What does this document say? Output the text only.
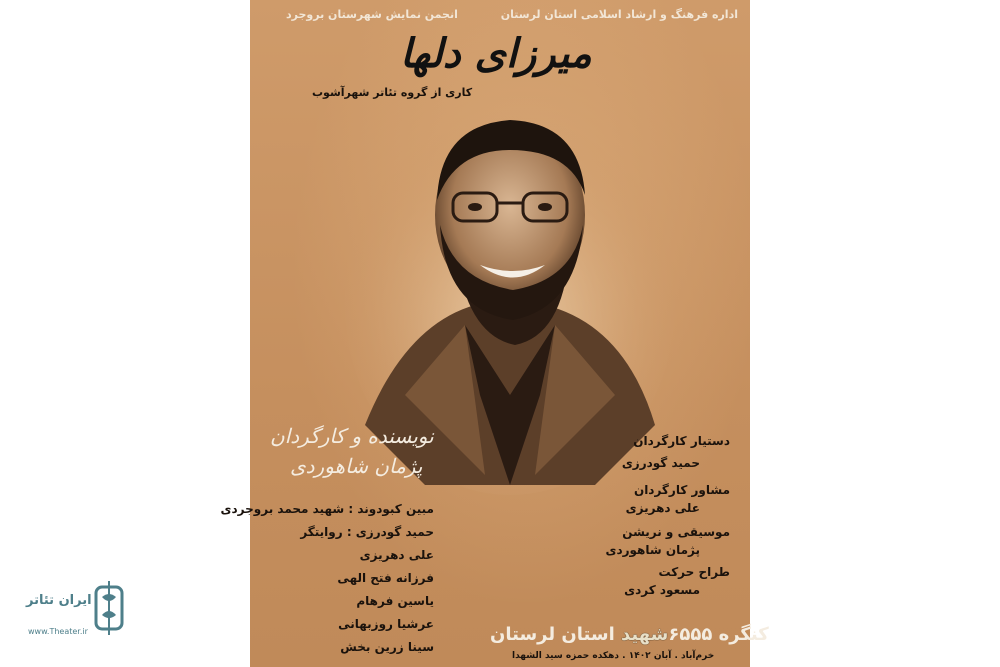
اداره فرهنگ و ارشاد اسلامی استان لرستان
انجمن نمایش شهرستان بروجرد
میرزای دلها
کاری از گروه تئاتر شهرآشوب
نویسنده و کارگردان
پژمان شاهوردی
مبین کبودوند : شهید محمد بروجردی
حمید گودرزی : روایتگر
علی دهریزی
فرزانه فتح الهی
یاسین فرهام
عرشیا روزبهانی
سینا زرین بخش
دستیار کارگردان
حمید گودرزی
مشاور کارگردان
علی دهریزی
موسیقی و نریشن
پژمان شاهوردی
طراح حرکت
مسعود کردی
کنگره ۶۵۵۵شهید استان لرستان
خرم‌آباد . آبان ۱۴۰۲ . دهکده حمزه سید الشهدا
ایران تئاتر
www.Theater.ir
